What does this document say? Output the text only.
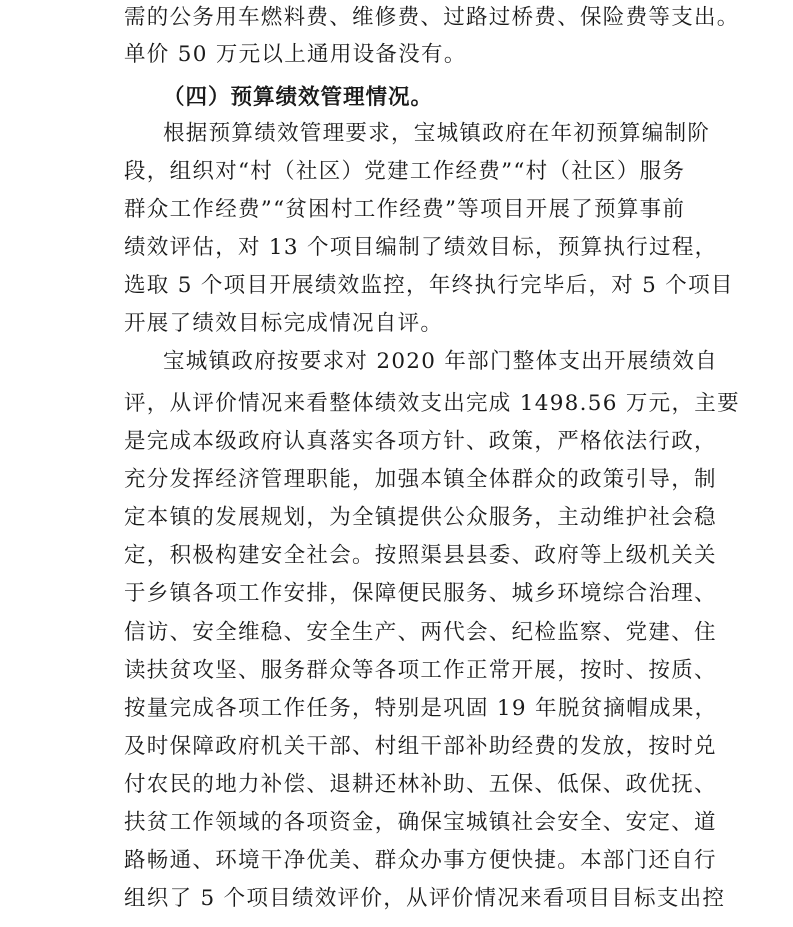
需的公务用车燃料费、维修费、过路过桥费、保险费等支出。
单价 50 万元以上通用设备没有。
（四）预算绩效管理情况。
根据预算绩效管理要求，宝城镇政府在年初预算编制阶
段，组织对“村（社区）党建工作经费”“村（社区）服务
群众工作经费”“贫困村工作经费”等项目开展了预算事前
绩效评估，对 13 个项目编制了绩效目标，预算执行过程，
选取 5 个项目开展绩效监控，年终执行完毕后，对 5 个项目
开展了绩效目标完成情况自评。
宝城镇政府按要求对 2020 年部门整体支出开展绩效自
评，从评价情况来看整体绩效支出完成 1498.56 万元，主要
是完成本级政府认真落实各项方针、政策，严格依法行政，
充分发挥经济管理职能，加强本镇全体群众的政策引导，制
定本镇的发展规划，为全镇提供公众服务，主动维护社会稳
定，积极构建安全社会。按照渠县县委、政府等上级机关关
于乡镇各项工作安排，保障便民服务、城乡环境综合治理、
信访、安全维稳、安全生产、两代会、纪检监察、党建、住
读扶贫攻坚、服务群众等各项工作正常开展，按时、按质、
按量完成各项工作任务，特别是巩固 19 年脱贫摘帽成果，
及时保障政府机关干部、村组干部补助经费的发放，按时兑
付农民的地力补偿、退耕还林补助、五保、低保、政优抚、
扶贫工作领域的各项资金，确保宝城镇社会安全、安定、道
路畅通、环境干净优美、群众办事方便快捷。本部门还自行
组织了 5 个项目绩效评价，从评价情况来看项目目标支出控
